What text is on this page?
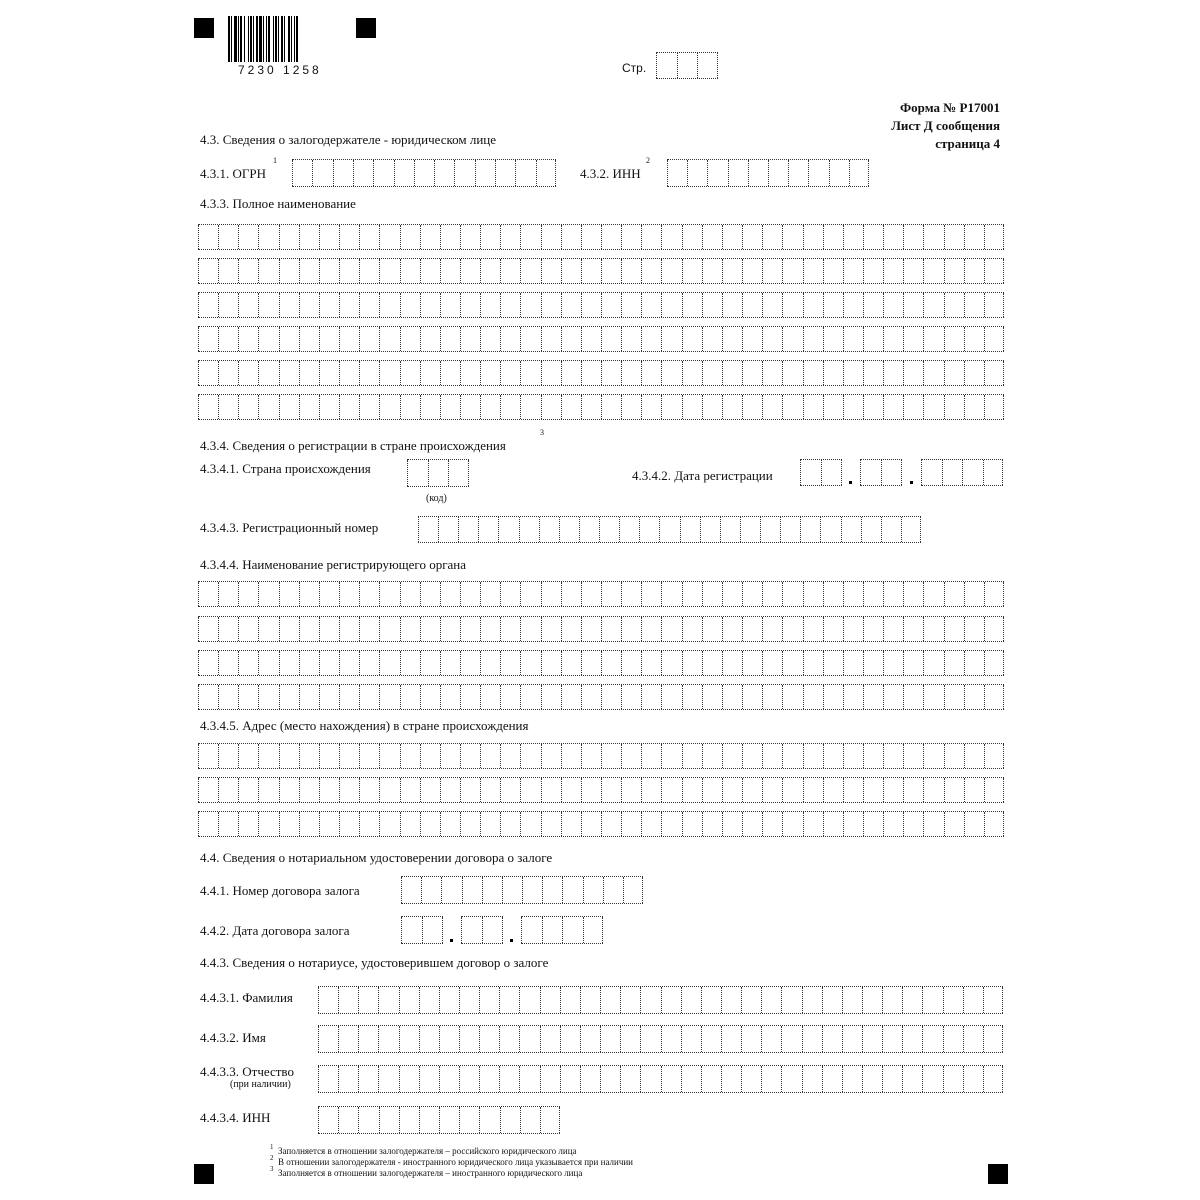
7230 1258	Стр.
Форма № Р17001
Лист Д сообщения
страница 4
4.3. Сведения о залогодержателе - юридическом лице
4.3.1. ОГРН
1
4.3.2. ИНН
2
4.3.3. Полное наименование
4.3.4. Сведения о регистрации в стране происхождения
3
4.3.4.1. Страна происхождения
(код)
4.3.4.2. Дата регистрации
4.3.4.3. Регистрационный номер
4.3.4.4. Наименование регистрирующего органа
4.3.4.5. Адрес (место нахождения) в стране происхождения
4.4. Сведения о нотариальном удостоверении договора о залоге
4.4.1. Номер договора залога
4.4.2. Дата договора залога
4.4.3. Сведения о нотариусе, удостоверившем договор о залоге
4.4.3.1. Фамилия
4.4.3.2. Имя
4.4.3.3. Отчество
(при наличии)
4.4.3.4. ИНН
1 Заполняется в отношении залогодержателя – российского юридического лица
2 В отношении залогодержателя - иностранного юридического лица указывается при наличии
3 Заполняется в отношении залогодержателя – иностранного юридического лица
